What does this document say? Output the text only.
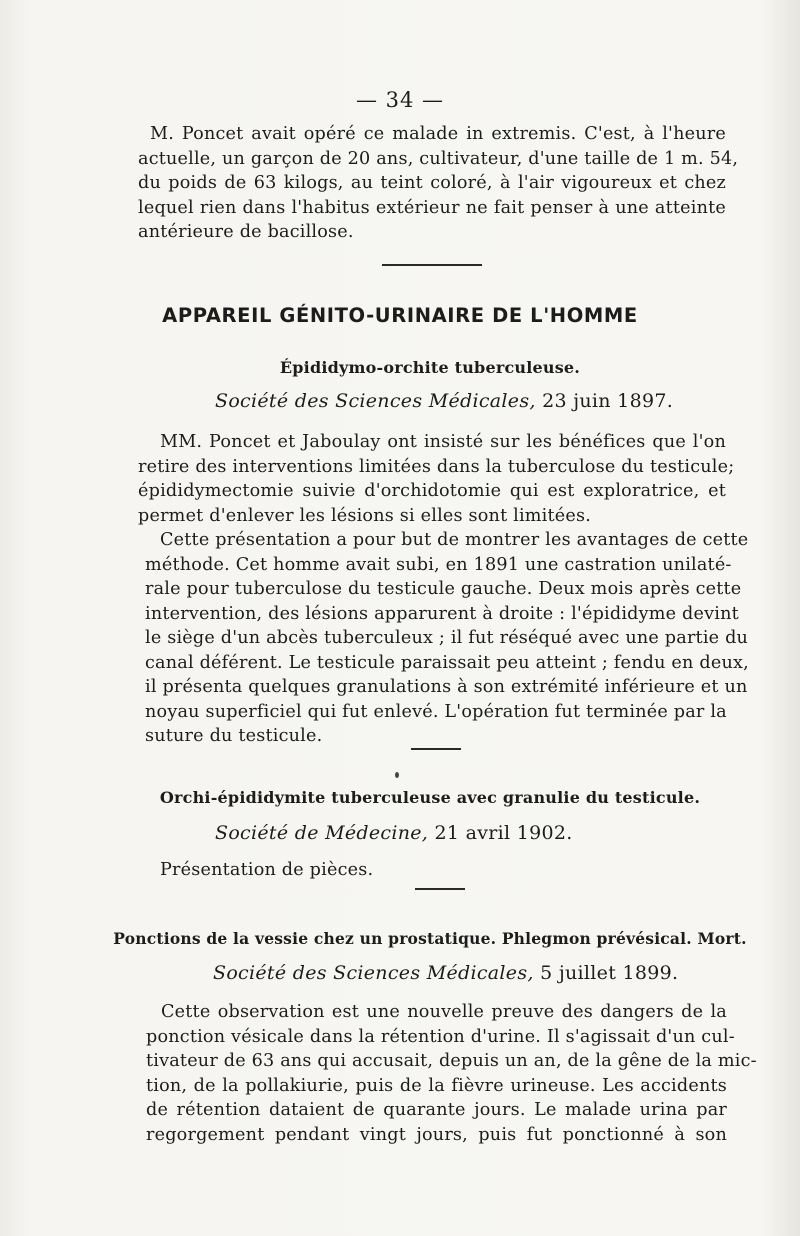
— 34 —
M. Poncet avait opéré ce malade in extremis. C'est, à l'heure
actuelle, un garçon de 20 ans, cultivateur, d'une taille de 1 m. 54,
du poids de 63 kilogs, au teint coloré, à l'air vigoureux et chez
lequel rien dans l'habitus extérieur ne fait penser à une atteinte
antérieure de bacillose.
APPAREIL GÉNITO-URINAIRE DE L'HOMME
Épididymo-orchite tuberculeuse.
Société des Sciences Médicales, 23 juin 1897.
MM. Poncet et Jaboulay ont insisté sur les bénéfices que l'on
retire des interventions limitées dans la tuberculose du testicule;
épididymectomie suivie d'orchidotomie qui est exploratrice, et
permet d'enlever les lésions si elles sont limitées.
Cette présentation a pour but de montrer les avantages de cette
méthode. Cet homme avait subi, en 1891 une castration unilaté-
rale pour tuberculose du testicule gauche. Deux mois après cette
intervention, des lésions apparurent à droite : l'épididyme devint
le siège d'un abcès tuberculeux ; il fut réséqué avec une partie du
canal déférent. Le testicule paraissait peu atteint ; fendu en deux,
il présenta quelques granulations à son extrémité inférieure et un
noyau superficiel qui fut enlevé. L'opération fut terminée par la
suture du testicule.
Orchi-épididymite tuberculeuse avec granulie du testicule.
Société de Médecine, 21 avril 1902.
Présentation de pièces.
Ponctions de la vessie chez un prostatique. Phlegmon prévésical. Mort.
Société des Sciences Médicales, 5 juillet 1899.
Cette observation est une nouvelle preuve des dangers de la
ponction vésicale dans la rétention d'urine. Il s'agissait d'un cul-
tivateur de 63 ans qui accusait, depuis un an, de la gêne de la mic-
tion, de la pollakiurie, puis de la fièvre urineuse. Les accidents
de rétention dataient de quarante jours. Le malade urina par
regorgement pendant vingt jours, puis fut ponctionné à son
